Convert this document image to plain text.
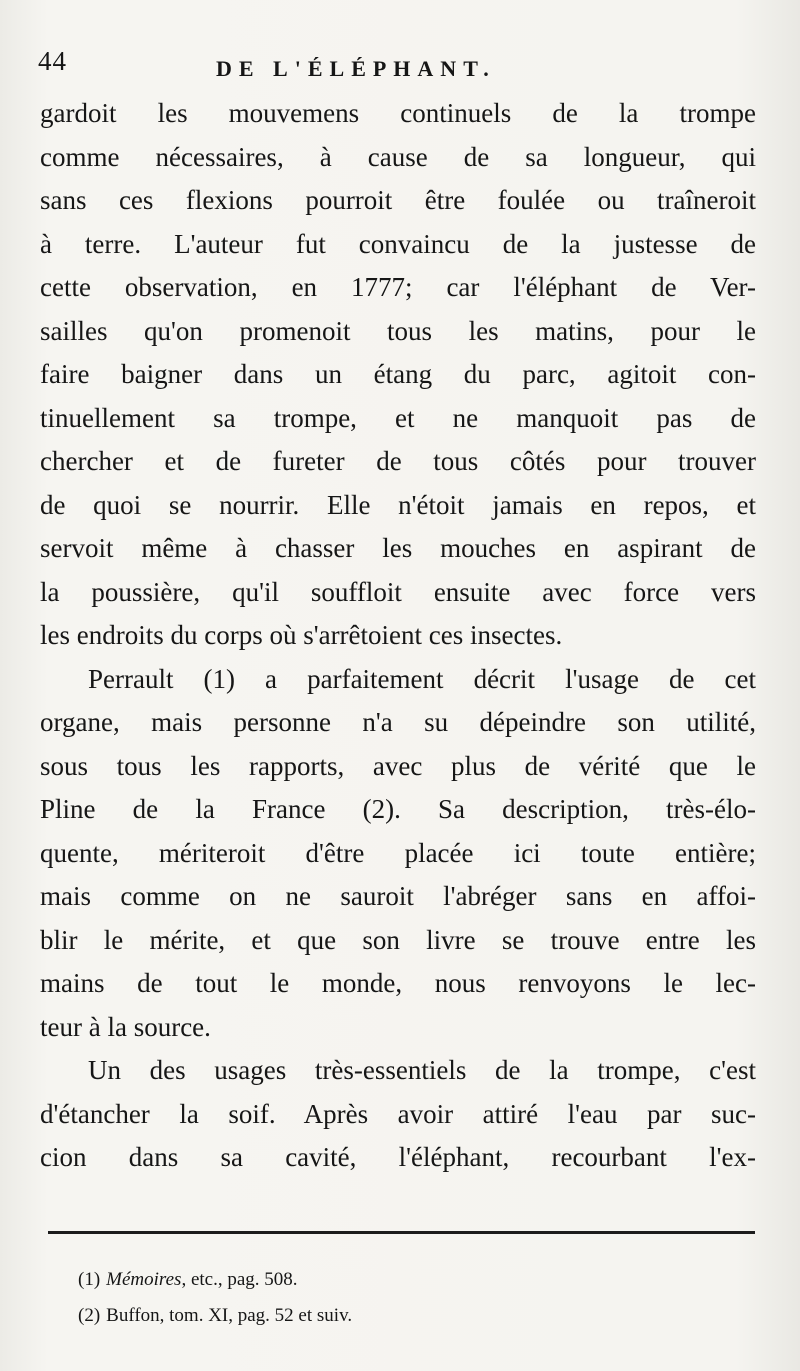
44	DE L'ÉLÉPHANT.
gardoit les mouvemens continuels de la trompe
comme nécessaires, à cause de sa longueur, qui
sans ces flexions pourroit être foulée ou traîneroit
à terre. L'auteur fut convaincu de la justesse de
cette observation, en 1777; car l'éléphant de Ver-
sailles qu'on promenoit tous les matins, pour le
faire baigner dans un étang du parc, agitoit con-
tinuellement sa trompe, et ne manquoit pas de
chercher et de fureter de tous côtés pour trouver
de quoi se nourrir. Elle n'étoit jamais en repos, et
servoit même à chasser les mouches en aspirant de
la poussière, qu'il souffloit ensuite avec force vers
les endroits du corps où s'arrêtoient ces insectes.
Perrault (1) a parfaitement décrit l'usage de cet
organe, mais personne n'a su dépeindre son utilité,
sous tous les rapports, avec plus de vérité que le
Pline de la France (2). Sa description, très-élo-
quente, mériteroit d'être placée ici toute entière;
mais comme on ne sauroit l'abréger sans en affoi-
blir le mérite, et que son livre se trouve entre les
mains de tout le monde, nous renvoyons le lec-
teur à la source.
Un des usages très-essentiels de la trompe, c'est
d'étancher la soif. Après avoir attiré l'eau par suc-
cion dans sa cavité, l'éléphant, recourbant l'ex-
(1) Mémoires, etc., pag. 508.
(2) Buffon, tom. XI, pag. 52 et suiv.
